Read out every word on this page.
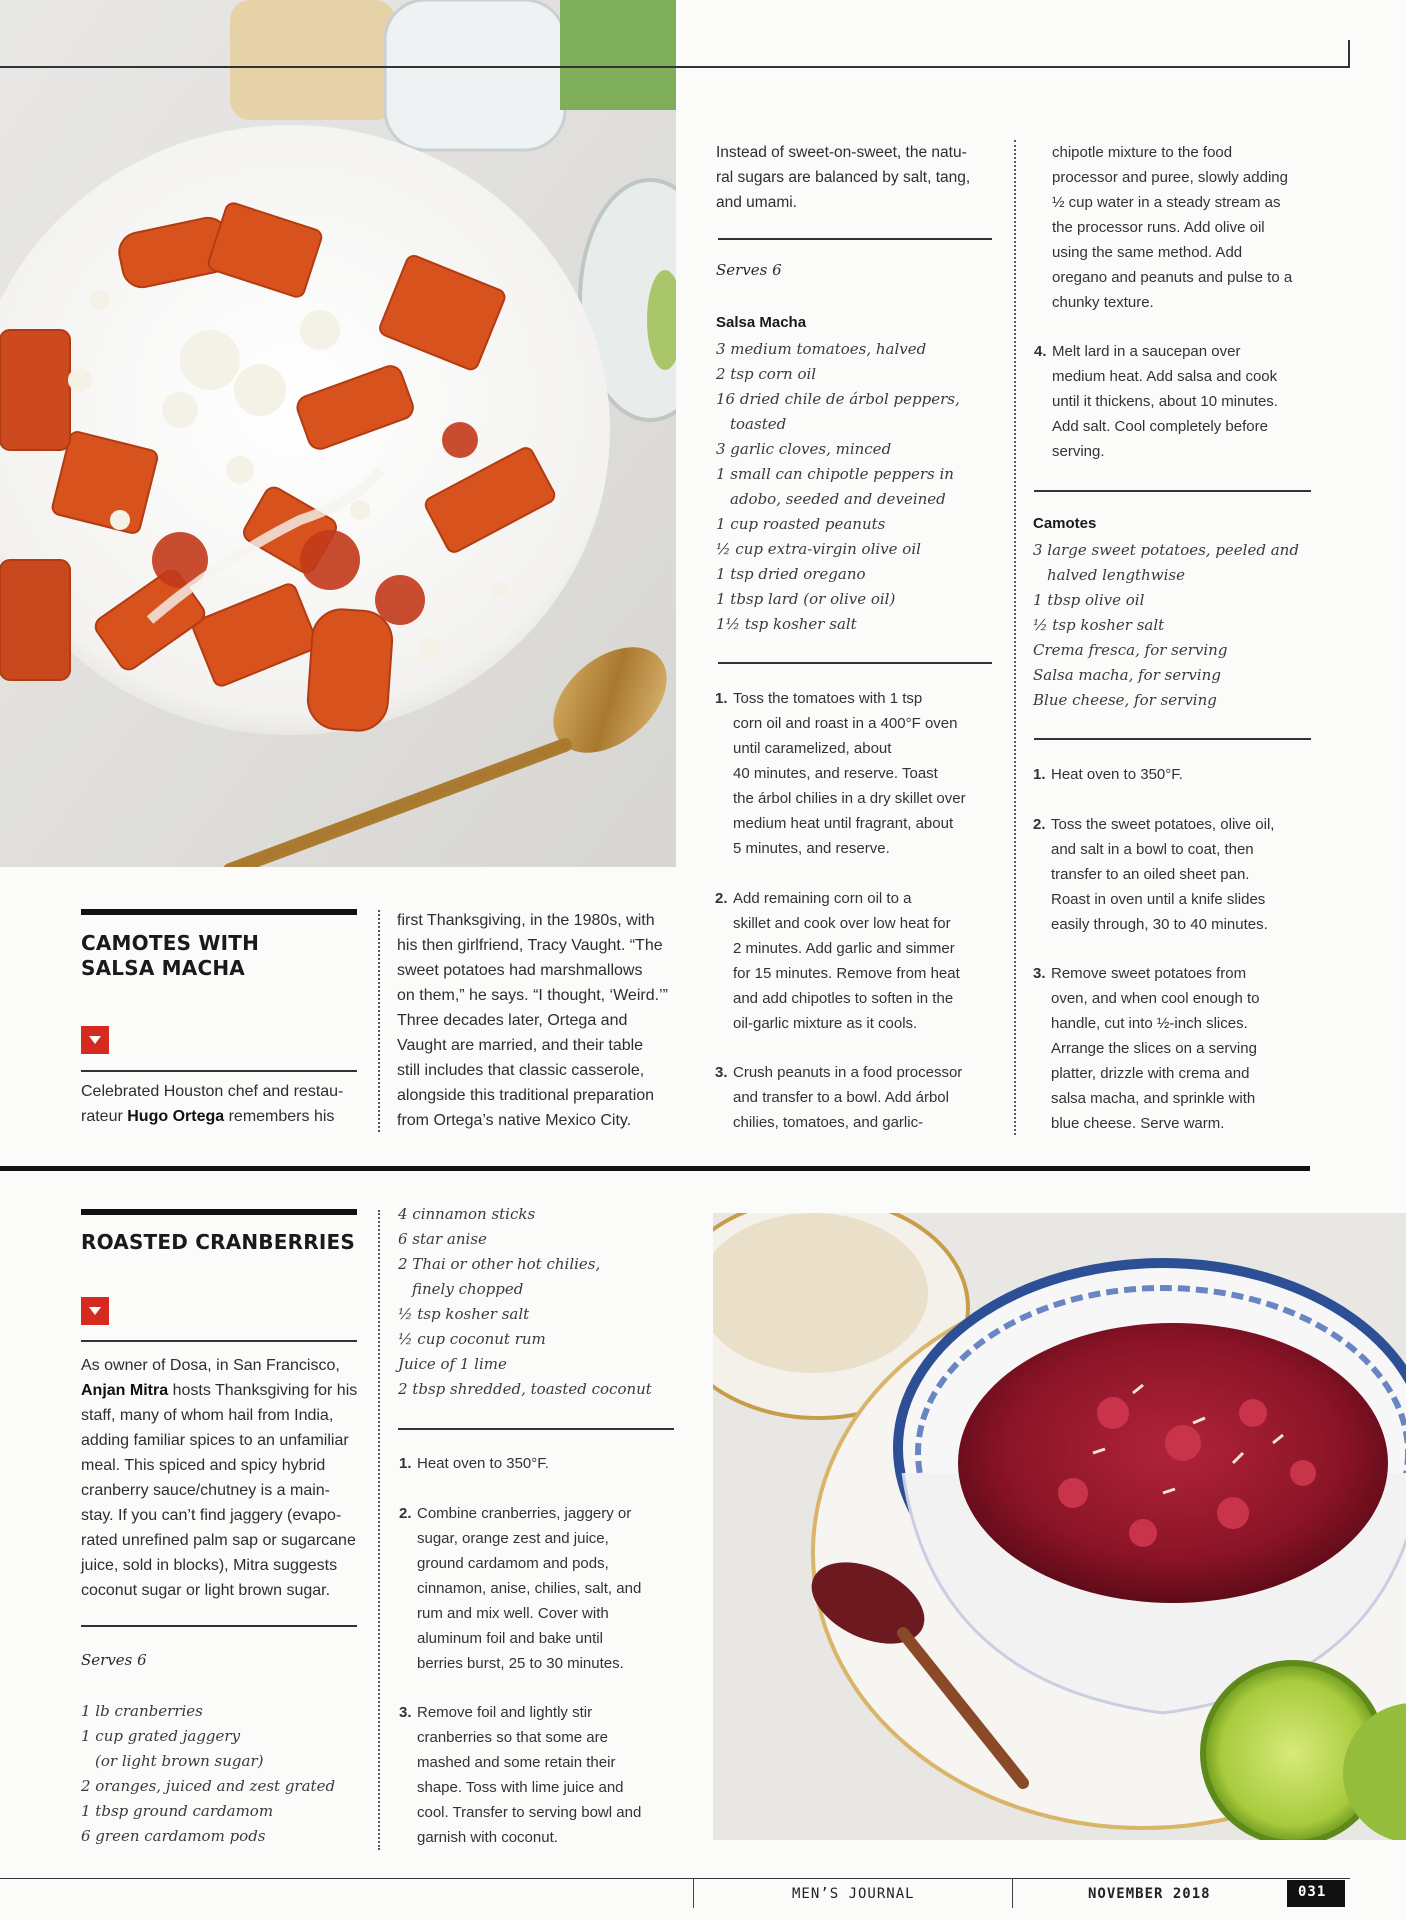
CAMOTES WITH
SALSA MACHA
Celebrated Houston chef and restau-
rateur Hugo Ortega remembers his
first Thanksgiving, in the 1980s, with
his then girlfriend, Tracy Vaught. “The
sweet potatoes had marshmallows
on them,” he says. “I thought, ‘Weird.’”
Three decades later, Ortega and
Vaught are married, and their table
still includes that classic casserole,
alongside this traditional preparation
from Ortega’s native Mexico City.
Instead of sweet-on-sweet, the natu-
ral sugars are balanced by salt, tang,
and umami.
Serves 6
Salsa Macha
3 medium tomatoes, halved
2 tsp corn oil
16 dried chile de árbol peppers,
toasted
3 garlic cloves, minced
1 small can chipotle peppers in
adobo, seeded and deveined
1 cup roasted peanuts
½ cup extra-virgin olive oil
1 tsp dried oregano
1 tbsp lard (or olive oil)
1½ tsp kosher salt
1. Toss the tomatoes with 1 tsp
corn oil and roast in a 400°F oven
until caramelized, about
40 minutes, and reserve. Toast
the árbol chilies in a dry skillet over
medium heat until fragrant, about
5 minutes, and reserve.
2. Add remaining corn oil to a
skillet and cook over low heat for
2 minutes. Add garlic and simmer
for 15 minutes. Remove from heat
and add chipotles to soften in the
oil-garlic mixture as it cools.
3. Crush peanuts in a food processor
and transfer to a bowl. Add árbol
chilies, tomatoes, and garlic-
chipotle mixture to the food
processor and puree, slowly adding
½ cup water in a steady stream as
the processor runs. Add olive oil
using the same method. Add
oregano and peanuts and pulse to a
chunky texture.
4. Melt lard in a saucepan over
medium heat. Add salsa and cook
until it thickens, about 10 minutes.
Add salt. Cool completely before
serving.
Camotes
3 large sweet potatoes, peeled and
halved lengthwise
1 tbsp olive oil
½ tsp kosher salt
Crema fresca, for serving
Salsa macha, for serving
Blue cheese, for serving
1. Heat oven to 350°F.
2. Toss the sweet potatoes, olive oil,
and salt in a bowl to coat, then
transfer to an oiled sheet pan.
Roast in oven until a knife slides
easily through, 30 to 40 minutes.
3. Remove sweet potatoes from
oven, and when cool enough to
handle, cut into ½-inch slices.
Arrange the slices on a serving
platter, drizzle with crema and
salsa macha, and sprinkle with
blue cheese. Serve warm.
ROASTED CRANBERRIES
As owner of Dosa, in San Francisco,
Anjan Mitra hosts Thanksgiving for his
staff, many of whom hail from India,
adding familiar spices to an unfamiliar
meal. This spiced and spicy hybrid
cranberry sauce/chutney is a main-
stay. If you can’t find jaggery (evapo-
rated unrefined palm sap or sugarcane
juice, sold in blocks), Mitra suggests
coconut sugar or light brown sugar.
Serves 6
1 lb cranberries
1 cup grated jaggery
(or light brown sugar)
2 oranges, juiced and zest grated
1 tbsp ground cardamom
6 green cardamom pods
4 cinnamon sticks
6 star anise
2 Thai or other hot chilies,
finely chopped
½ tsp kosher salt
½ cup coconut rum
Juice of 1 lime
2 tbsp shredded, toasted coconut
1. Heat oven to 350°F.
2. Combine cranberries, jaggery or
sugar, orange zest and juice,
ground cardamom and pods,
cinnamon, anise, chilies, salt, and
rum and mix well. Cover with
aluminum foil and bake until
berries burst, 25 to 30 minutes.
3. Remove foil and lightly stir
cranberries so that some are
mashed and some retain their
shape. Toss with lime juice and
cool. Transfer to serving bowl and
garnish with coconut.
MEN’S JOURNAL	NOVEMBER 2018	031
